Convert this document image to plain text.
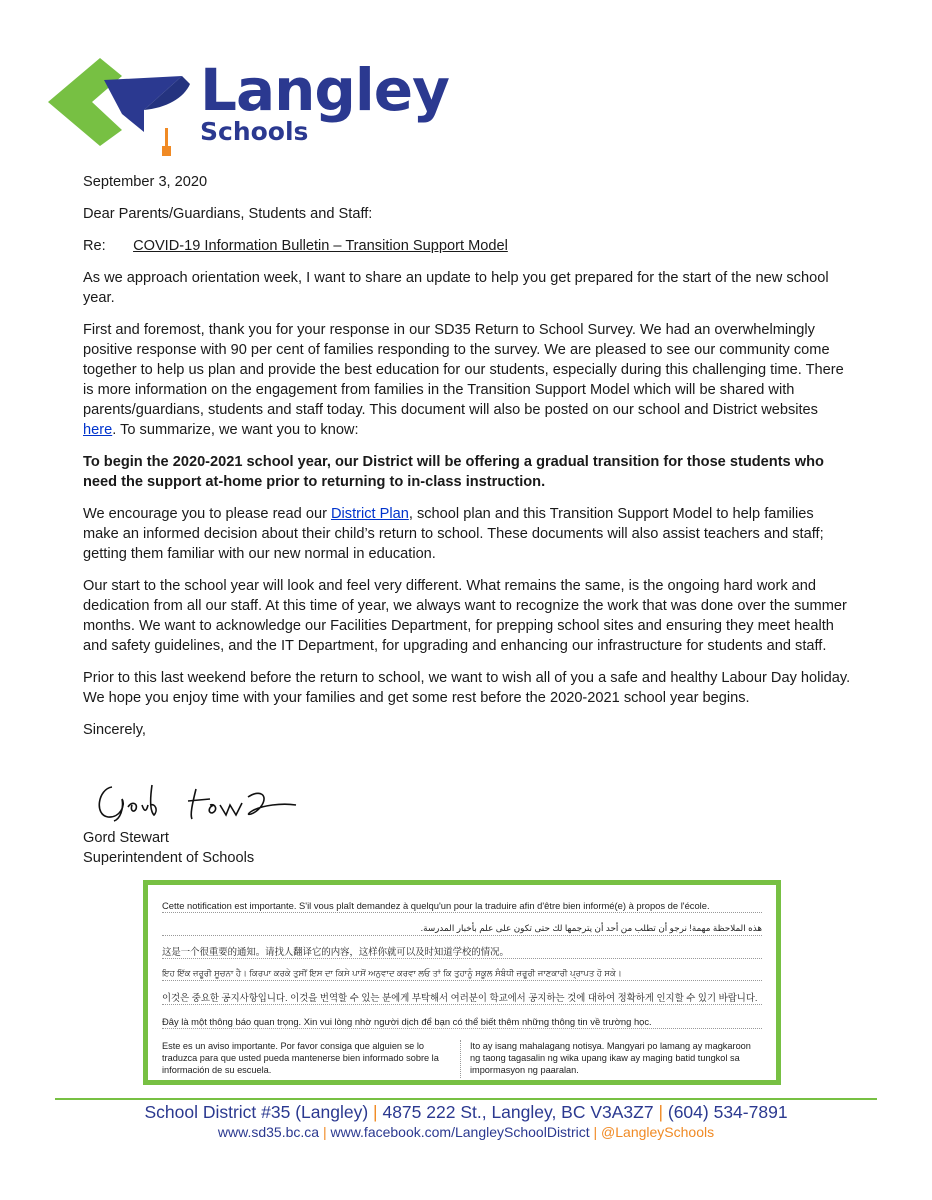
Langley
Schools

September 3, 2020

Dear Parents/Guardians, Students and Staff:

Re: COVID-19 Information Bulletin – Transition Support Model

As we approach orientation week, I want to share an update to help you get prepared for the start of the new school year.

First and foremost, thank you for your response in our SD35 Return to School Survey. We had an overwhelmingly positive response with 90 per cent of families responding to the survey. We are pleased to see our community come together to help us plan and provide the best education for our students, especially during this challenging time. There is more information on the engagement from families in the Transition Support Model which will be shared with parents/guardians, students and staff today. This document will also be posted on our school and District websites here. To summarize, we want you to know:

To begin the 2020-2021 school year, our District will be offering a gradual transition for those students who need the support at-home prior to returning to in-class instruction.

We encourage you to please read our District Plan, school plan and this Transition Support Model to help families make an informed decision about their child’s return to school. These documents will also assist teachers and staff; getting them familiar with our new normal in education.

Our start to the school year will look and feel very different. What remains the same, is the ongoing hard work and dedication from all our staff. At this time of year, we always want to recognize the work that was done over the summer months. We want to acknowledge our Facilities Department, for prepping school sites and ensuring they meet health and safety guidelines, and the IT Department, for upgrading and enhancing our infrastructure for students and staff.

Prior to this last weekend before the return to school, we want to wish all of you a safe and healthy Labour Day holiday. We hope you enjoy time with your families and get some rest before the 2020-2021 school year begins.

Sincerely,

Gord Stewart
Superintendent of Schools
Cette notification est importante. S'il vous plaît demandez à quelqu'un pour la traduire afin d'être bien informé(e) à propos de l'école.
هذه الملاحظة مهمة! نرجو أن تطلب من أحد أن يترجمها لك حتى تكون على علم بأخبار المدرسة.
这是一个很重要的通知。请找人翻译它的内容，这样你就可以及时知道学校的情况。
ਇਹ ਇੱਕ ਜ਼ਰੂਰੀ ਸੂਚਨਾ ਹੈ। ਕਿਰਪਾ ਕਰਕੇ ਤੁਸੀਂ ਇਸ ਦਾ ਕਿਸੇ ਪਾਸੋਂ ਅਨੁਵਾਦ ਕਰਵਾ ਲਓ ਤਾਂ ਕਿ ਤੁਹਾਨੂੰ ਸਕੂਲ ਸੰਬੰਧੀ ਜ਼ਰੂਰੀ ਜਾਣਕਾਰੀ ਪ੍ਰਾਪਤ ਹੋ ਸਕੇ।
이것은 중요한 공지사항입니다. 이것을 번역할 수 있는 분에게 부탁해서 여러분이 학교에서 공지하는 것에 대하여 정확하게 인지할 수 있기 바랍니다.
Đây là một thông báo quan trọng. Xin vui lòng nhờ người dịch để bạn có thể biết thêm những thông tin về trường học.
Este es un aviso importante. Por favor consiga que alguien se lo traduzca para que usted pueda mantenerse bien informado sobre la información de su escuela.
Ito ay isang mahalagang notisya. Mangyari po lamang ay magkaroon ng taong tagasalin ng wika upang ikaw ay maging batid tungkol sa impormasyon ng paaralan.
School District #35 (Langley) | 4875 222 St., Langley, BC V3A3Z7 | (604) 534-7891
www.sd35.bc.ca | www.facebook.com/LangleySchoolDistrict | @LangleySchools
